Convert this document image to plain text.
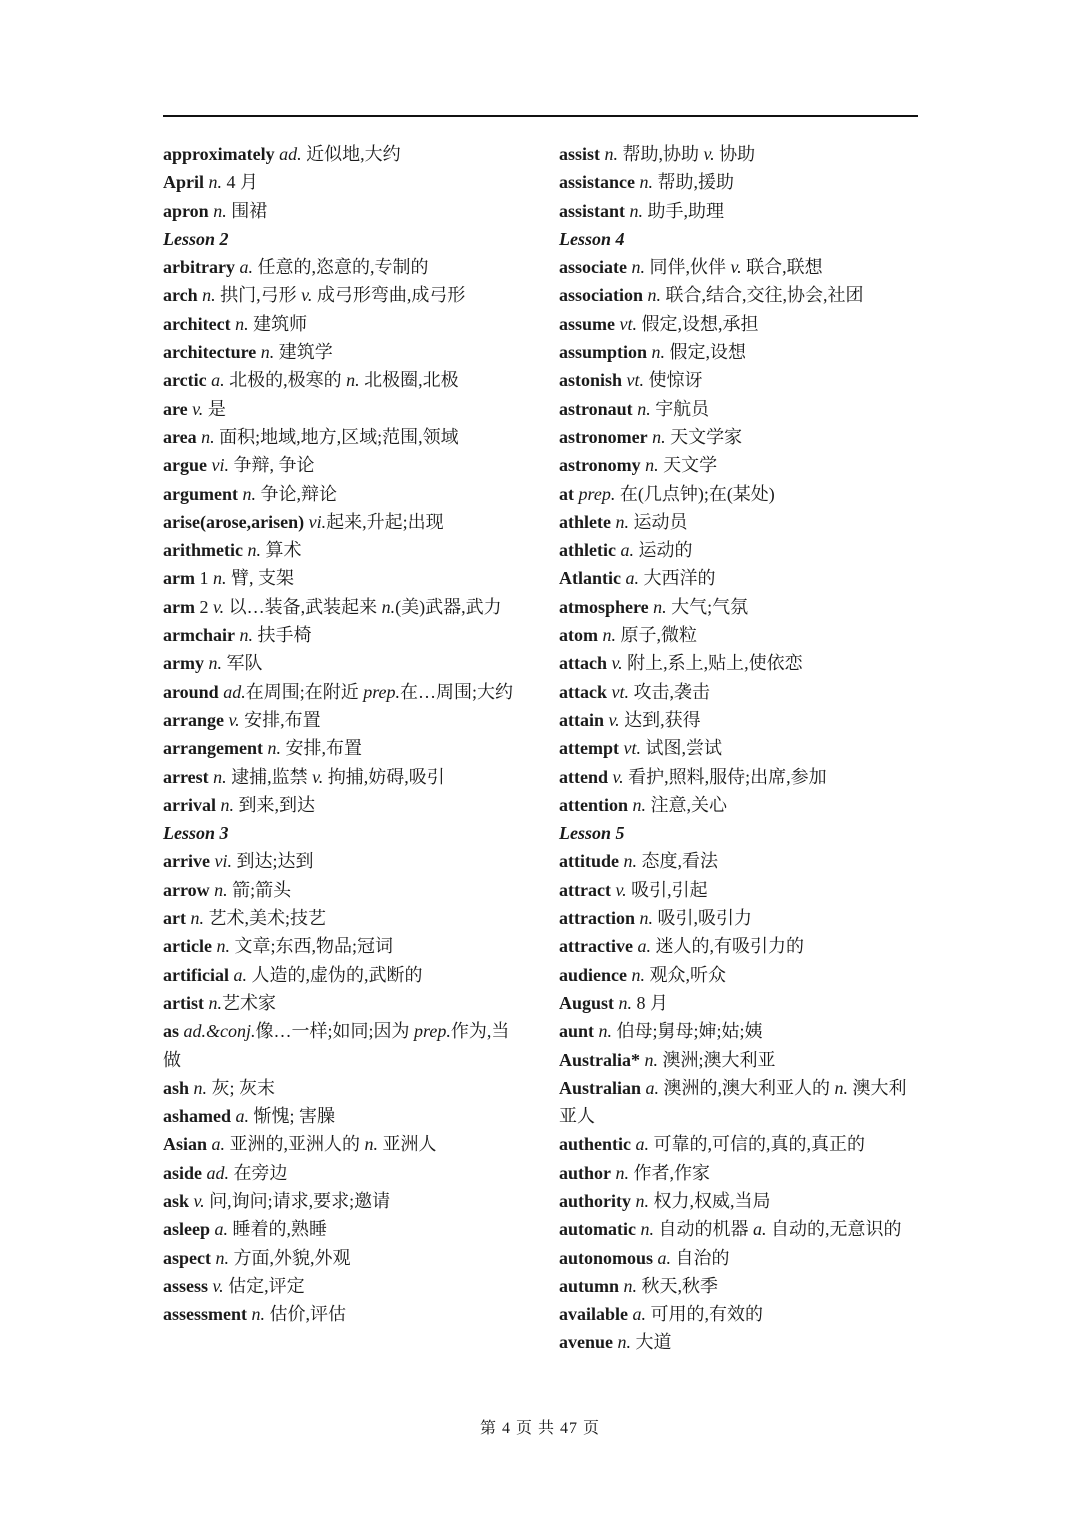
approximately ad. 近似地,大约
April n. 4 月
apron n. 围裙
Lesson 2
arbitrary a. 任意的,恣意的,专制的
arch n. 拱门,弓形 v. 成弓形弯曲,成弓形
architect n. 建筑师
architecture n. 建筑学
arctic a. 北极的,极寒的 n. 北极圈,北极
are v. 是
area n. 面积;地域,地方,区域;范围,领域
argue vi. 争辩, 争论
argument n. 争论,辩论
arise(arose,arisen) vi.起来,升起;出现
arithmetic n. 算术
arm 1 n. 臂, 支架
arm 2 v. 以…装备,武装起来 n.(美)武器,武力
armchair n. 扶手椅
army n. 军队
around ad.在周围;在附近 prep.在…周围;大约
arrange v. 安排,布置
arrangement n. 安排,布置
arrest n. 逮捕,监禁 v. 拘捕,妨碍,吸引
arrival n. 到来,到达
Lesson 3
arrive vi. 到达;达到
arrow n. 箭;箭头
art n. 艺术,美术;技艺
article n. 文章;东西,物品;冠词
artificial a. 人造的,虚伪的,武断的
artist n.艺术家
as ad.&conj.像…一样;如同;因为 prep.作为,当做
ash n. 灰; 灰末
ashamed a. 惭愧; 害臊
Asian a. 亚洲的,亚洲人的 n. 亚洲人
aside ad. 在旁边
ask v. 问,询问;请求,要求;邀请
asleep a. 睡着的,熟睡
aspect n. 方面,外貌,外观
assess v. 估定,评定
assessment n. 估价,评估
assist n. 帮助,协助 v. 协助
assistance n. 帮助,援助
assistant n. 助手,助理
Lesson 4
associate n. 同伴,伙伴 v. 联合,联想
association n. 联合,结合,交往,协会,社团
assume vt. 假定,设想,承担
assumption n. 假定,设想
astonish vt. 使惊讶
astronaut n. 宇航员
astronomer n. 天文学家
astronomy n. 天文学
at prep. 在(几点钟);在(某处)
athlete n. 运动员
athletic a. 运动的
Atlantic a. 大西洋的
atmosphere n. 大气;气氛
atom n. 原子,微粒
attach v. 附上,系上,贴上,使依恋
attack vt. 攻击,袭击
attain v. 达到,获得
attempt vt. 试图,尝试
attend v. 看护,照料,服侍;出席,参加
attention n. 注意,关心
Lesson 5
attitude n. 态度,看法
attract v. 吸引,引起
attraction n. 吸引,吸引力
attractive a. 迷人的,有吸引力的
audience n. 观众,听众
August n. 8 月
aunt n. 伯母;舅母;婶;姑;姨
Australia* n. 澳洲;澳大利亚
Australian a. 澳洲的,澳大利亚人的 n. 澳大利亚人
authentic a. 可靠的,可信的,真的,真正的
author n. 作者,作家
authority n. 权力,权威,当局
automatic n. 自动的机器 a. 自动的,无意识的
autonomous a. 自治的
autumn n. 秋天,秋季
available a. 可用的,有效的
avenue n. 大道
第 4 页 共 47 页
